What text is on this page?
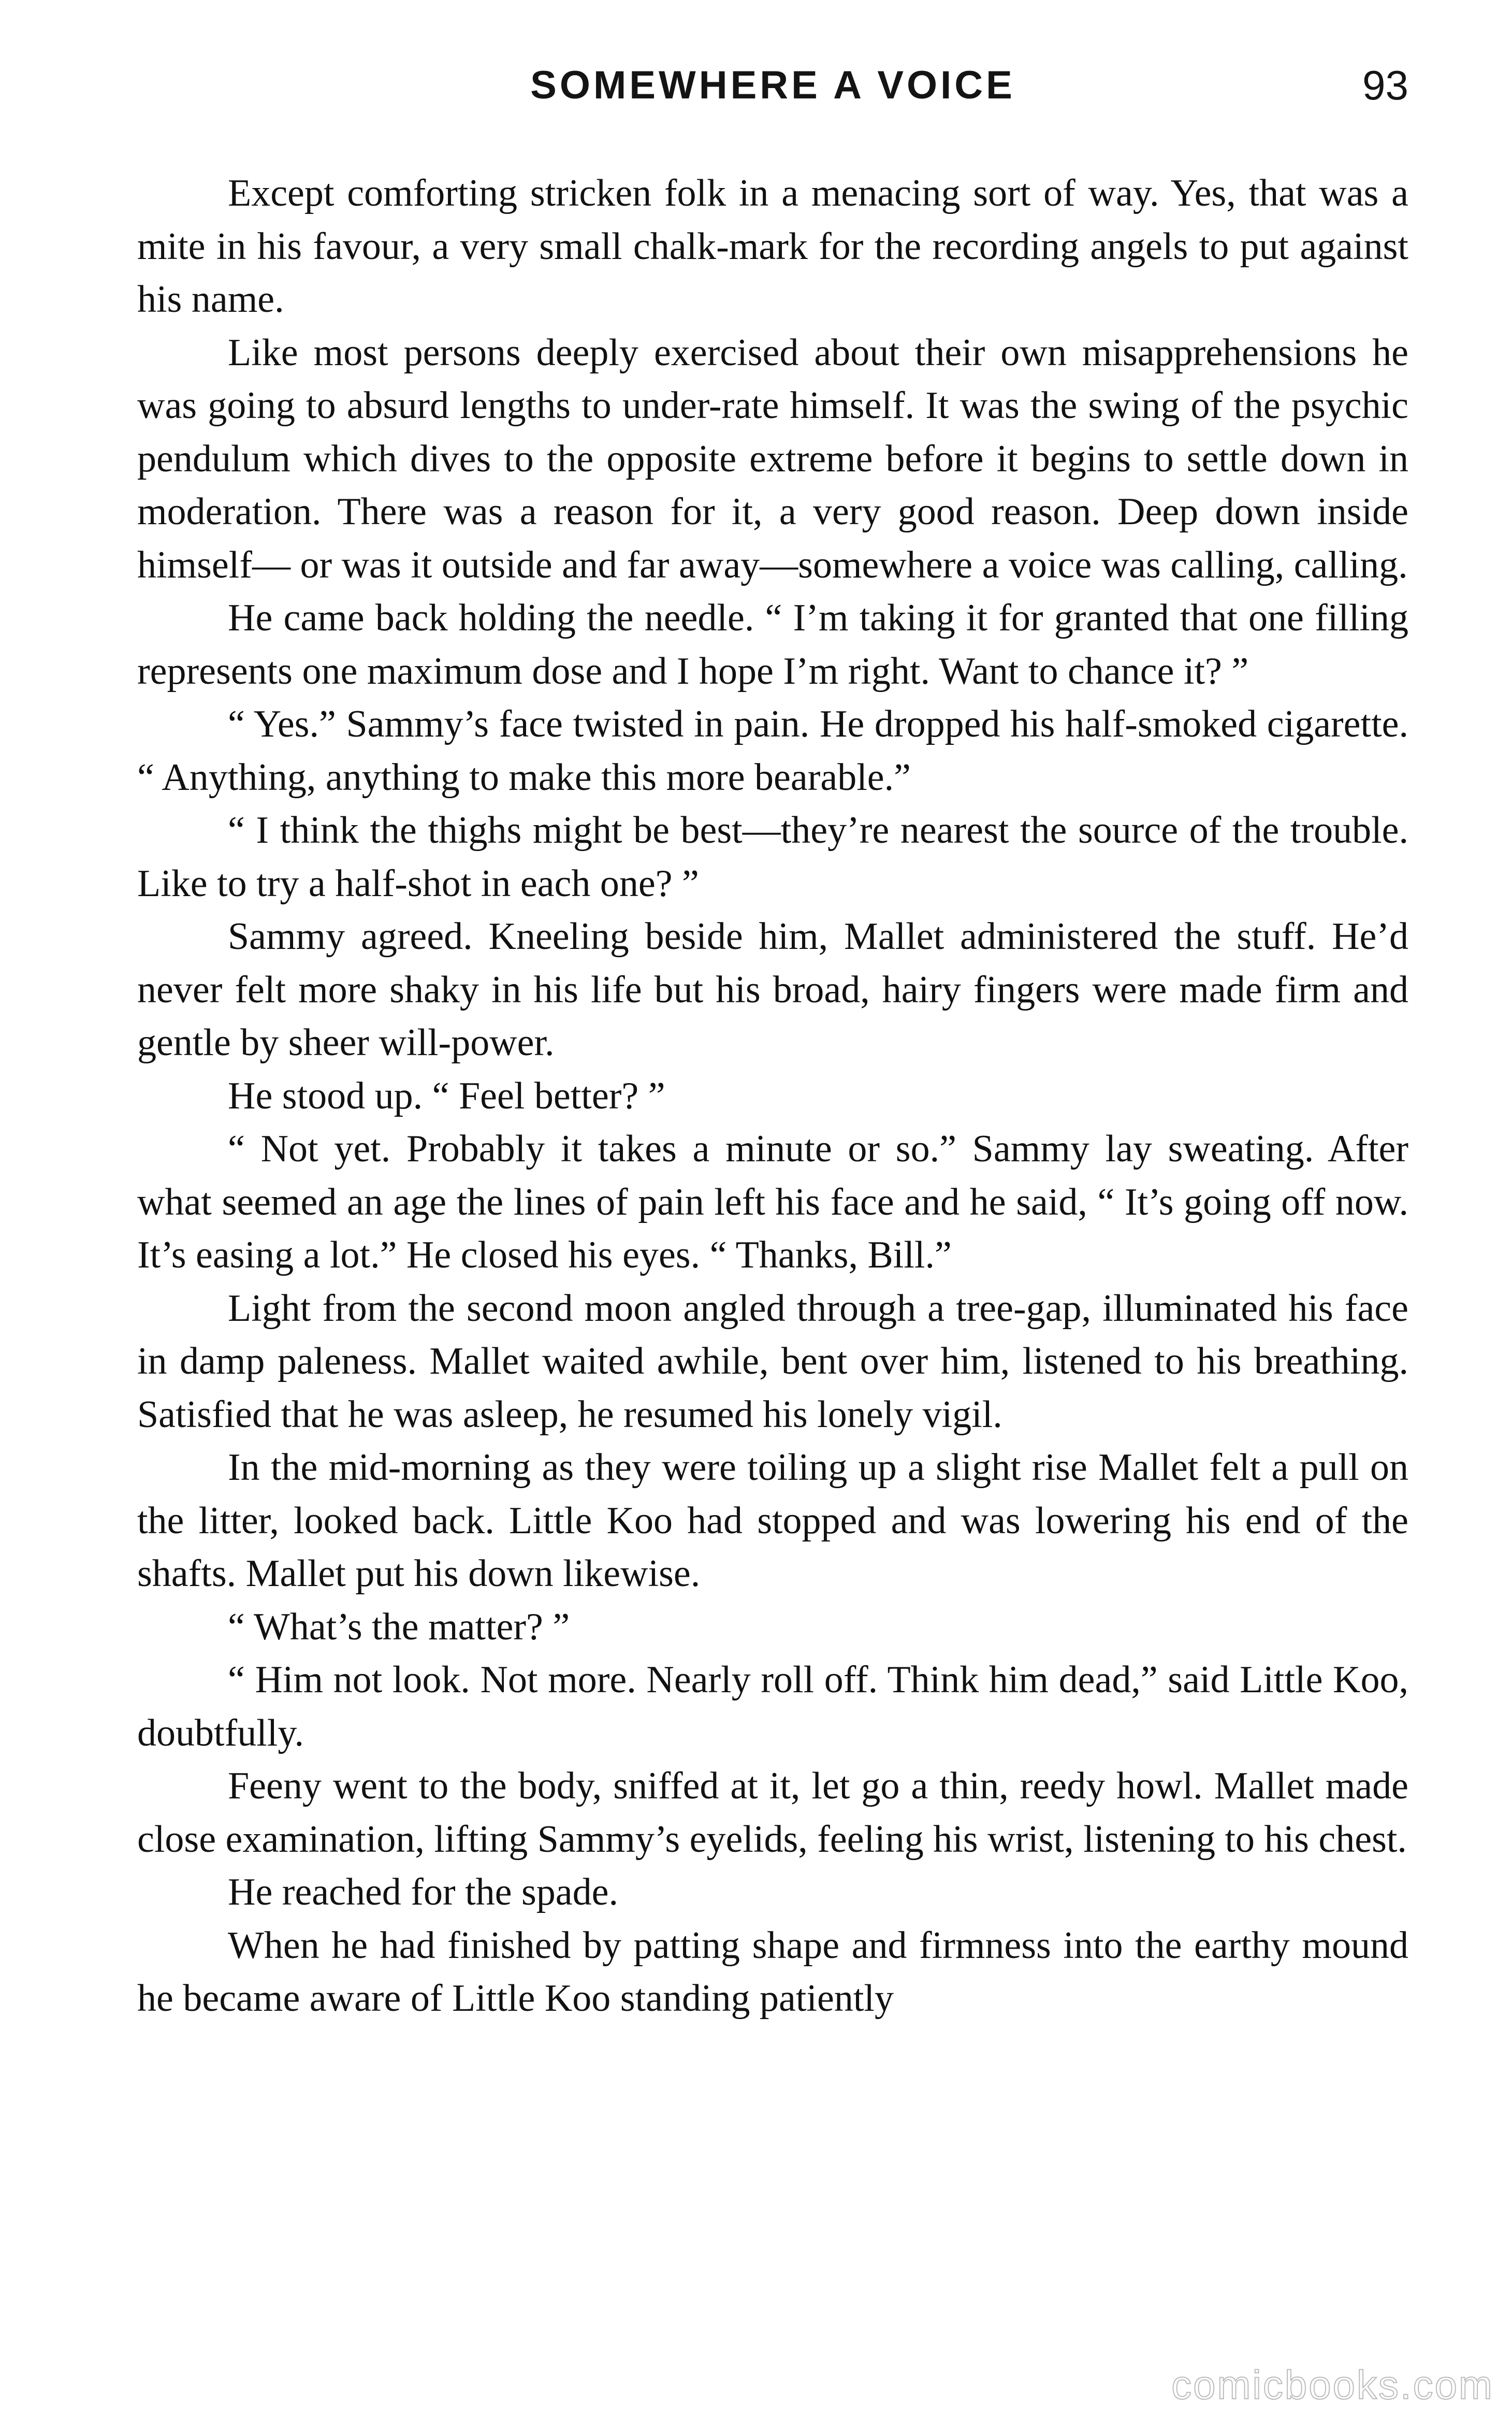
SOMEWHERE A VOICE	93

Except comforting stricken folk in a menacing sort of way. Yes, that was a mite in his favour, a very small chalk-mark for the recording angels to put against his name.

Like most persons deeply exercised about their own misapprehensions he was going to absurd lengths to under-rate himself. It was the swing of the psychic pendulum which dives to the opposite extreme before it begins to settle down in moderation. There was a reason for it, a very good reason. Deep down inside himself— or was it outside and far away—somewhere a voice was calling, calling.

He came back holding the needle. “ I’m taking it for granted that one filling represents one maximum dose and I hope I’m right. Want to chance it? ”

“ Yes.” Sammy’s face twisted in pain. He dropped his half-smoked cigarette. “ Anything, anything to make this more bearable.”

“ I think the thighs might be best—they’re nearest the source of the trouble. Like to try a half-shot in each one? ”

Sammy agreed. Kneeling beside him, Mallet administered the stuff. He’d never felt more shaky in his life but his broad, hairy fingers were made firm and gentle by sheer will-power.

He stood up. “ Feel better? ”

“ Not yet. Probably it takes a minute or so.” Sammy lay sweating. After what seemed an age the lines of pain left his face and he said, “ It’s going off now. It’s easing a lot.” He closed his eyes. “ Thanks, Bill.”

Light from the second moon angled through a tree-gap, illuminated his face in damp paleness. Mallet waited awhile, bent over him, listened to his breathing. Satisfied that he was asleep, he resumed his lonely vigil.

In the mid-morning as they were toiling up a slight rise Mallet felt a pull on the litter, looked back. Little Koo had stopped and was lowering his end of the shafts. Mallet put his down likewise.

“ What’s the matter? ”

“ Him not look. Not more. Nearly roll off. Think him dead,” said Little Koo, doubtfully.

Feeny went to the body, sniffed at it, let go a thin, reedy howl. Mallet made close examination, lifting Sammy’s eyelids, feeling his wrist, listening to his chest.

He reached for the spade.

When he had finished by patting shape and firmness into the earthy mound he became aware of Little Koo standing patiently

comicbooks.com
